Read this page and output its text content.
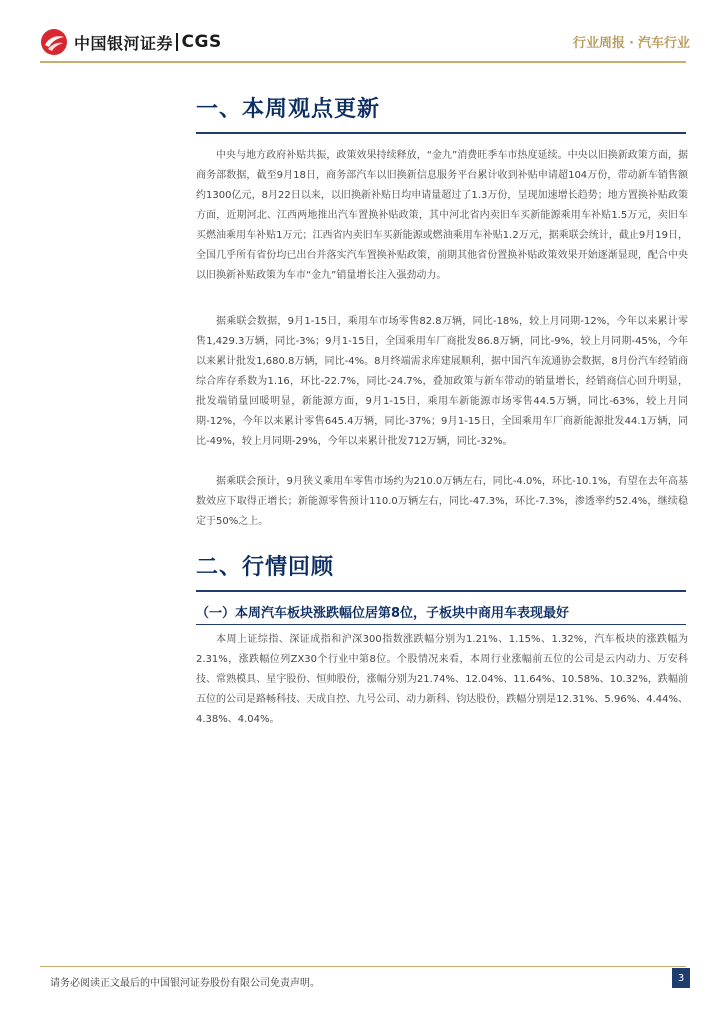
中国银河证券 CGS	行业周报 · 汽车行业
一、本周观点更新

中央与地方政府补贴共振，政策效果持续释放，“金九”消费旺季车市热度延续。中央以旧换新政策方面，据商务部数据，截至9月18日，商务部汽车以旧换新信息服务平台累计收到补贴申请超104万份，带动新车销售额约1300亿元，8月22日以来，以旧换新补贴日均申请量超过了1.3万份，呈现加速增长趋势；地方置换补贴政策方面，近期河北、江西两地推出汽车置换补贴政策，其中河北省内卖旧车买新能源乘用车补贴1.5万元，卖旧车买燃油乘用车补贴1万元；江西省内卖旧车买新能源或燃油乘用车补贴1.2万元，据乘联会统计，截止9月19日，全国几乎所有省份均已出台并落实汽车置换补贴政策，前期其他省份置换补贴政策效果开始逐渐显现，配合中央以旧换新补贴政策为车市“金九”销量增长注入强劲动力。

据乘联会数据，9月1-15日，乘用车市场零售82.8万辆，同比-18%，较上月同期-12%，今年以来累计零售1,429.3万辆，同比-3%；9月1-15日，全国乘用车厂商批发86.8万辆，同比-9%，较上月同期-45%，今年以来累计批发1,680.8万辆，同比-4%。8月终端需求库建展顺利，据中国汽车流通协会数据，8月份汽车经销商综合库存系数为1.16，环比-22.7%，同比-24.7%，叠加政策与新车带动的销量增长，经销商信心回升明显，批发端销量回暖明显，新能源方面，9月1-15日，乘用车新能源市场零售44.5万辆，同比-63%，较上月同期-12%，今年以来累计零售645.4万辆，同比-37%；9月1-15日，全国乘用车厂商新能源批发44.1万辆，同比-49%，较上月同期-29%，今年以来累计批发712万辆，同比-32%。

据乘联会预计，9月狭义乘用车零售市场约为210.0万辆左右，同比-4.0%，环比-10.1%，有望在去年高基数效应下取得正增长；新能源零售预计110.0万辆左右，同比-47.3%，环比-7.3%，渗透率约52.4%，继续稳定于50%之上。

二、行情回顾
（一）本周汽车板块涨跌幅位居第8位，子板块中商用车表现最好

本周上证综指、深证成指和沪深300指数涨跌幅分别为1.21%、1.15%、1.32%，汽车板块的涨跌幅为2.31%，涨跌幅位列ZX30个行业中第8位。个股情况来看，本周行业涨幅前五位的公司是云内动力、万安科技、常熟模具、星宇股份、恒帅股份，涨幅分别为21.74%、12.04%、11.64%、10.58%、10.32%，跌幅前五位的公司是路畅科技、天成自控、九号公司、动力新科、钧达股份，跌幅分别是12.31%、5.96%、4.44%、4.38%、4.04%。

请务必阅读正文最后的中国银河证券股份有限公司免责声明。	3
